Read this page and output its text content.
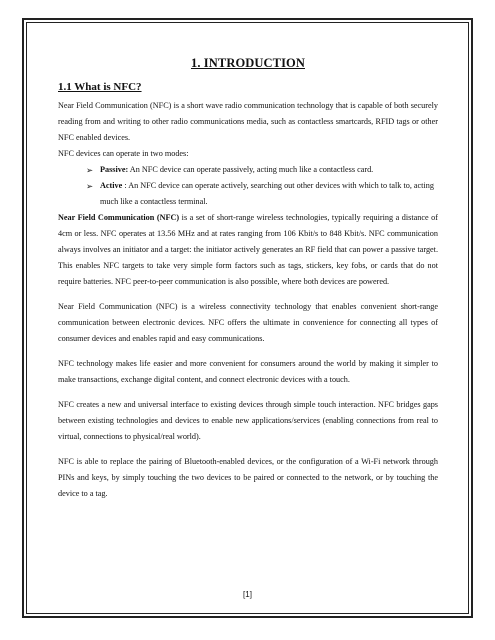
1. INTRODUCTION
1.1 What is NFC?

Near Field Communication (NFC) is a short wave radio communication technology that is capable of both securely reading from and writing to other radio communications media, such as contactless smartcards, RFID tags or other NFC enabled devices.

NFC devices can operate in two modes:

➢ Passive: An NFC device can operate passively, acting much like a contactless card.
➢ Active : An NFC device can operate actively, searching out other devices with which to talk to, acting much like a contactless terminal.

Near Field Communication (NFC) is a set of short-range wireless technologies, typically requiring a distance of 4cm or less. NFC operates at 13.56 MHz and at rates ranging from 106 Kbit/s to 848 Kbit/s. NFC communication always involves an initiator and a target: the initiator actively generates an RF field that can power a passive target. This enables NFC targets to take very simple form factors such as tags, stickers, key fobs, or cards that do not require batteries. NFC peer-to-peer communication is also possible, where both devices are powered.

Near Field Communication (NFC) is a wireless connectivity technology that enables convenient short-range communication between electronic devices. NFC offers the ultimate in convenience for connecting all types of consumer devices and enables rapid and easy communications.

NFC technology makes life easier and more convenient for consumers around the world by making it simpler to make transactions, exchange digital content, and connect electronic devices with a touch.

NFC creates a new and universal interface to existing devices through simple touch interaction. NFC bridges gaps between existing technologies and devices to enable new applications/services (enabling connections from real to virtual, connections to physical/real world).

NFC is able to replace the pairing of Bluetooth-enabled devices, or the configuration of a Wi-Fi network through PINs and keys, by simply touching the two devices to be paired or connected to the network, or by touching the device to a tag.

[1]
